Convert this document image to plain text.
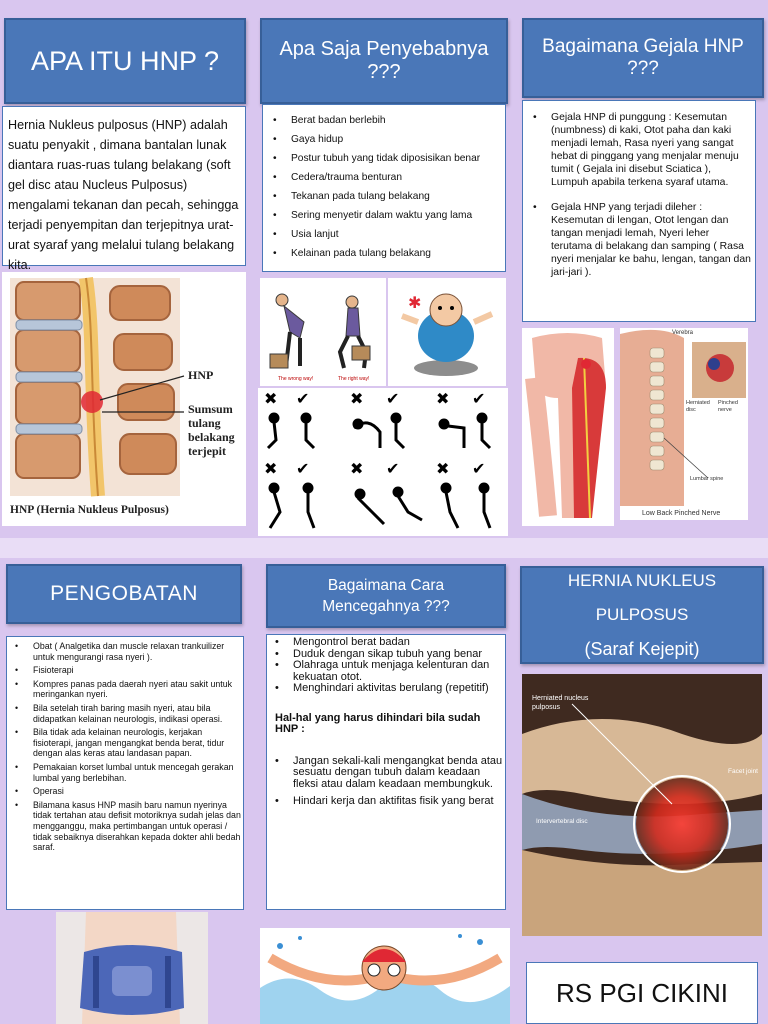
APA ITU HNP ?
Hernia Nukleus pulposus (HNP) adalah suatu penyakit , dimana bantalan lunak diantara ruas-ruas tulang belakang (soft gel disc atau Nucleus Pulposus) mengalami tekanan dan pecah, sehingga terjadi penyempitan dan terjepitnya urat-urat syaraf yang melalui tulang belakang kita.
HNP
Sumsum tulang belakang terjepit
HNP (Hernia Nukleus Pulposus)
Apa Saja Penyebabnya ???
• Berat badan berlebih
• Gaya hidup
• Postur tubuh yang tidak diposisikan benar
• Cedera/trauma benturan
• Tekanan pada tulang belakang
• Sering menyetir dalam waktu yang lama
• Usia lanjut
• Kelainan pada tulang belakang
The wrong way!	The right way!
✱
✖ ✔	✖ ✔ ✖ ✔
✖ ✔	✖ ✔ ✖ ✔
Bagaimana Gejala HNP ???
• Gejala HNP di punggung : Kesemutan (numbness) di kaki, Otot paha dan kaki menjadi lemah, Rasa nyeri yang sangat hebat di pinggang yang menjalar menuju tumit ( Gejala ini disebut Sciatica ), Lumpuh apabila terkena syaraf utama.
• Gejala HNP yang terjadi dileher : Kesemutan di lengan, Otot lengan dan tangan menjadi lemah, Nyeri leher terutama di belakang dan samping ( Rasa nyeri menjalar ke bahu, lengan, tangan dan jari-jari ).
Verebra
Herniated disc
Pinched nerve
Lumbar spine
Low Back Pinched Nerve
PENGOBATAN
• Obat ( Analgetika dan muscle relaxan trankuilizer untuk mengurangi rasa nyeri ).
• Fisioterapi
• Kompres panas pada daerah nyeri atau sakit untuk meringankan nyeri.
• Bila setelah tirah baring masih nyeri, atau bila didapatkan kelainan neurologis, indikasi operasi.
• Bila tidak ada kelainan neurologis, kerjakan fisioterapi, jangan mengangkat benda berat, tidur dengan alas keras atau landasan papan.
• Pemakaian korset lumbal untuk mencegah gerakan lumbal yang berlebihan.
• Operasi
• Bilamana kasus HNP masih baru namun nyerinya tidak tertahan atau defisit motoriknya sudah jelas dan mengganggu, maka pertimbangan untuk operasi / tidak sebaiknya diserahkan kepada dokter ahli bedah saraf.
Bagaimana Cara Mencegahnya ???
• Mengontrol berat badan
• Duduk dengan sikap tubuh yang benar
• Olahraga untuk menjaga kelenturan dan kekuatan otot.
• Menghindari aktivitas berulang (repetitif)
Hal-hal yang harus dihindari bila sudah HNP :
• Jangan sekali-kali mengangkat benda atau sesuatu dengan tubuh dalam keadaan fleksi atau dalam keadaan membungkuk.
• Hindari kerja dan aktifitas fisik yang berat
HERNIA NUKLEUS PULPOSUS
(Saraf Kejepit)
Herniated nucleus pulposus
Facet joint
Intervertebral disc
RS PGI CIKINI
